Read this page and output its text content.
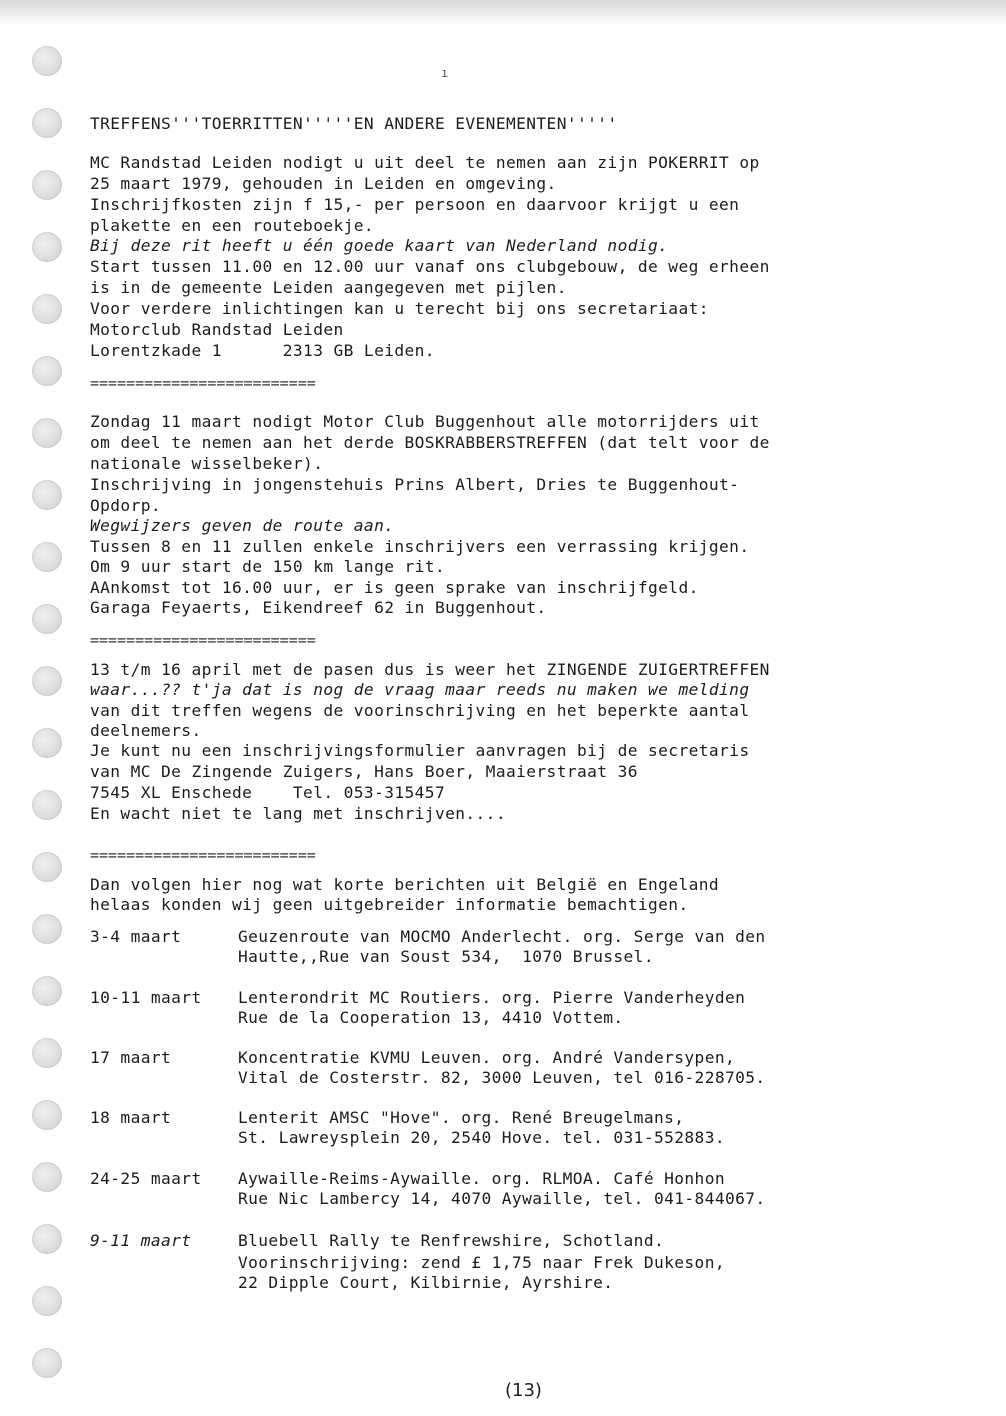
ı
TREFFENS'''TOERRITTEN'''''EN ANDERE EVENEMENTEN'''''
MC Randstad Leiden nodigt u uit deel te nemen aan zijn POKERRIT op
25 maart 1979, gehouden in Leiden en omgeving.
Inschrijfkosten zijn f 15,- per persoon en daarvoor krijgt u een
plakette en een routeboekje.
Bij deze rit heeft u één goede kaart van Nederland nodig.
Start tussen 11.00 en 12.00 uur vanaf ons clubgebouw, de weg erheen
is in de gemeente Leiden aangegeven met pijlen.
Voor verdere inlichtingen kan u terecht bij ons secretariaat:
Motorclub Randstad Leiden
Lorentzkade 1      2313 GB Leiden.
=========================
Zondag 11 maart nodigt Motor Club Buggenhout alle motorrijders uit
om deel te nemen aan het derde BOSKRABBERSTREFFEN (dat telt voor de
nationale wisselbeker).
Inschrijving in jongenstehuis Prins Albert, Dries te Buggenhout-
Opdorp.
Wegwijzers geven de route aan.
Tussen 8 en 11 zullen enkele inschrijvers een verrassing krijgen.
Om 9 uur start de 150 km lange rit.
AAnkomst tot 16.00 uur, er is geen sprake van inschrijfgeld.
Garaga Feyaerts, Eikendreef 62 in Buggenhout.
=========================
13 t/m 16 april met de pasen dus is weer het ZINGENDE ZUIGERTREFFEN
waar...?? t'ja dat is nog de vraag maar reeds nu maken we melding
van dit treffen wegens de voorinschrijving en het beperkte aantal
deelnemers.
Je kunt nu een inschrijvingsformulier aanvragen bij de secretaris
van MC De Zingende Zuigers, Hans Boer, Maaierstraat 36
7545 XL Enschede    Tel. 053-315457
En wacht niet te lang met inschrijven....
=========================
Dan volgen hier nog wat korte berichten uit België en Engeland
helaas konden wij geen uitgebreider informatie bemachtigen.
3-4 maart	Geuzenroute van MOCMO Anderlecht. org. Serge van den
Hautte,,Rue van Soust 534,  1070 Brussel.
10-11 maart Lenterondrit MC Routiers. org. Pierre Vanderheyden
Rue de la Cooperation 13, 4410 Vottem.
17 maart	Koncentratie KVMU Leuven. org. André Vandersypen,
Vital de Costerstr. 82, 3000 Leuven, tel 016-228705.
18 maart	Lenterit AMSC "Hove". org. René Breugelmans,
St. Lawreysplein 20, 2540 Hove. tel. 031-552883.
24-25 maart Aywaille-Reims-Aywaille. org. RLMOA. Café Honhon
Rue Nic Lambercy 14, 4070 Aywaille, tel. 041-844067.
9-11 maart	Bluebell Rally te Renfrewshire, Schotland.
Voorinschrijving: zend £ 1,75 naar Frek Dukeson,
22 Dipple Court, Kilbirnie, Ayrshire.
(13)
